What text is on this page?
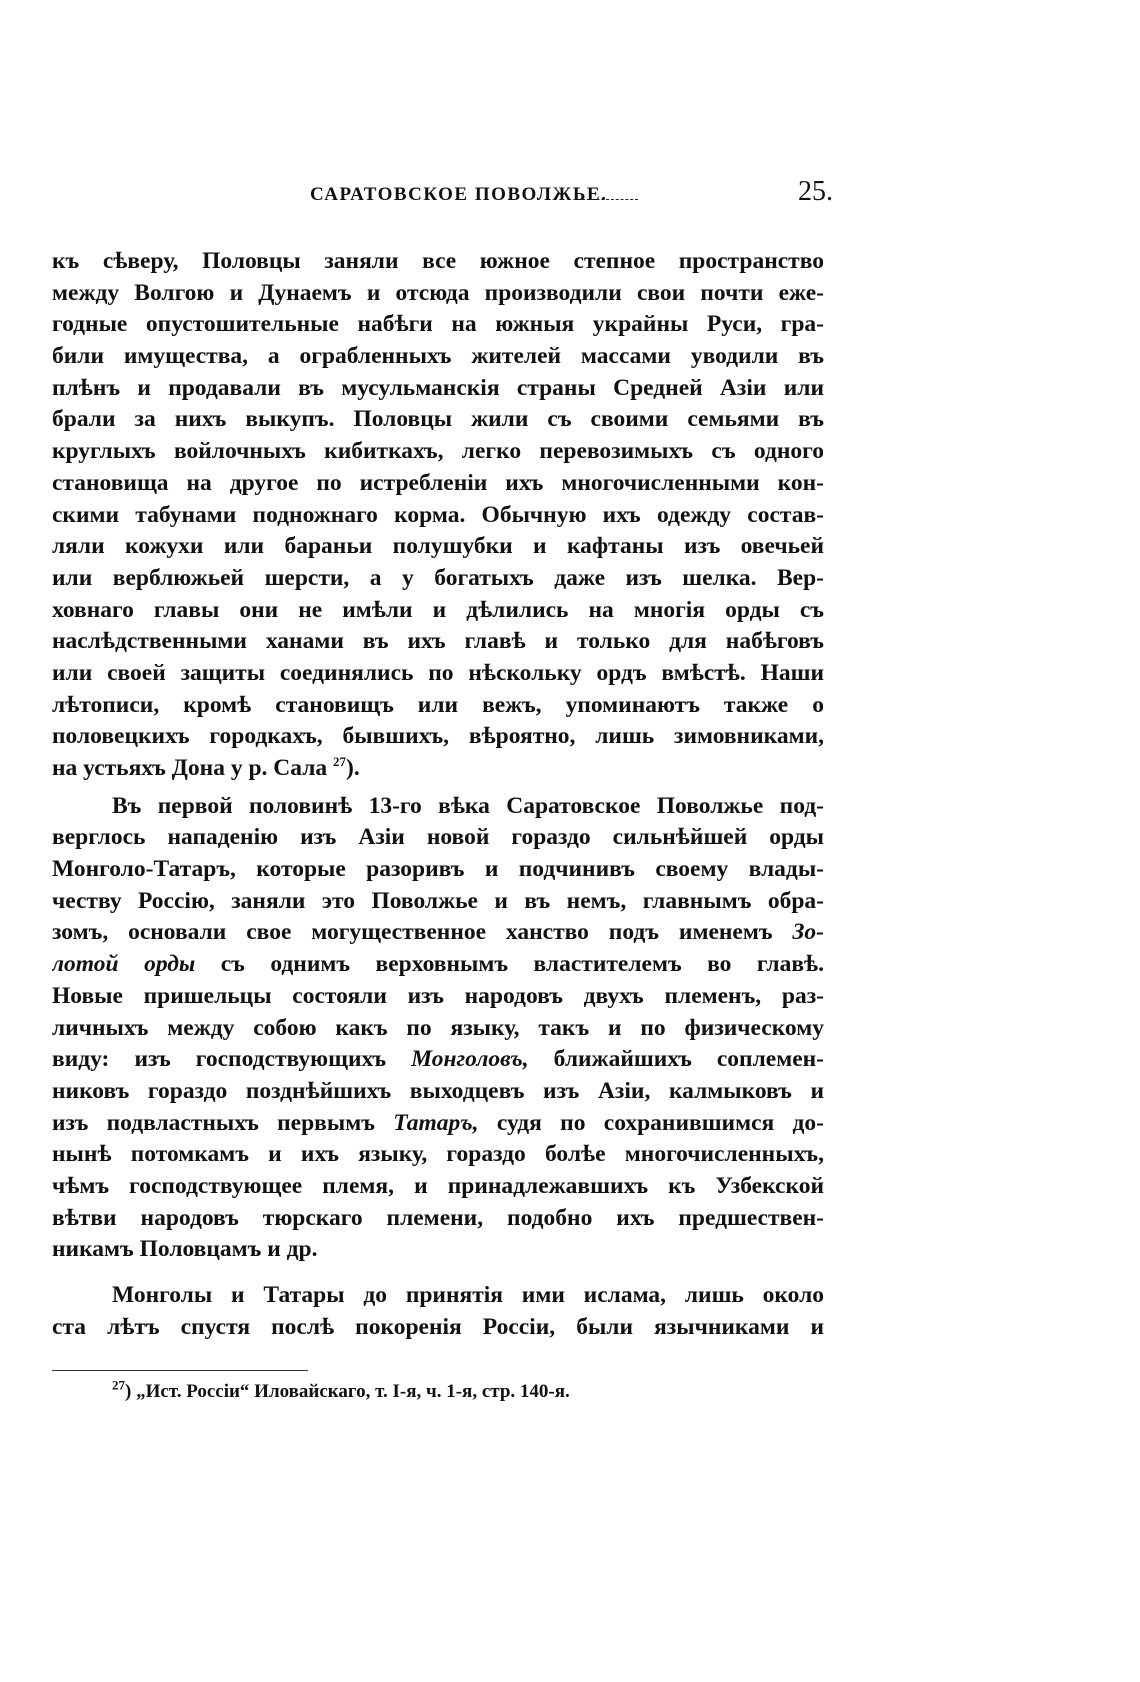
САРАТОВСКОЕ ПОВОЛЖЬЕ.	25.
къ сѣверу, Половцы заняли все южное степное пространство
между Волгою и Дунаемъ и отсюда производили свои почти еже-
годные опустошительные набѣги на южныя украйны Руси, гра-
били имущества, а ограбленныхъ жителей массами уводили въ
плѣнъ и продавали въ мусульманскія страны Средней Азіи или
брали за нихъ выкупъ. Половцы жили съ своими семьями въ
круглыхъ войлочныхъ кибиткахъ, легко перевозимыхъ съ одного
становища на другое по истребленіи ихъ многочисленными кон-
скими табунами подножнаго корма. Обычную ихъ одежду состав-
ляли кожухи или бараньи полушубки и кафтаны изъ овечьей
или верблюжьей шерсти, а у богатыхъ даже изъ шелка. Вер-
ховнаго главы они не имѣли и дѣлились на многія орды съ
наслѣдственными ханами въ ихъ главѣ и только для набѣговъ
или своей защиты соединялись по нѣскольку ордъ вмѣстѣ. Наши
лѣтописи, кромѣ становищъ или вежъ, упоминаютъ также о
половецкихъ городкахъ, бывшихъ, вѣроятно, лишь зимовниками,
на устьяхъ Дона у р. Сала $^{27}$).
Въ первой половинѣ 13-го вѣка Саратовское Поволжье под-
верглось нападенію изъ Азіи новой гораздо сильнѣйшей орды
Монголо-Татаръ, которые разоривъ и подчинивъ своему влады-
честву Россію, заняли это Поволжье и въ немъ, главнымъ обра-
зомъ, основали свое могущественное ханство подъ именемъ Зо-
лотой орды съ однимъ верховнымъ властителемъ во главѣ.
Новые пришельцы состояли изъ народовъ двухъ племенъ, раз-
личныхъ между собою какъ по языку, такъ и по физическому
виду: изъ господствующихъ Монголовъ, ближайшихъ соплемен-
никовъ гораздо позднѣйшихъ выходцевъ изъ Азіи, калмыковъ и
изъ подвластныхъ первымъ Татаръ, судя по сохранившимся до-
нынѣ потомкамъ и ихъ языку, гораздо болѣе многочисленныхъ,
чѣмъ господствующее племя, и принадлежавшихъ къ Узбекской
вѣтви народовъ тюрскаго племени, подобно ихъ предшествен-
никамъ Половцамъ и др.
Монголы и Татары до принятія ими ислама, лишь около
ста лѣтъ спустя послѣ покоренія Россіи, были язычниками и
$^{27}$) „Ист. Россіи“ Иловайскаго, т. І-я, ч. 1-я, стр. 140-я.
